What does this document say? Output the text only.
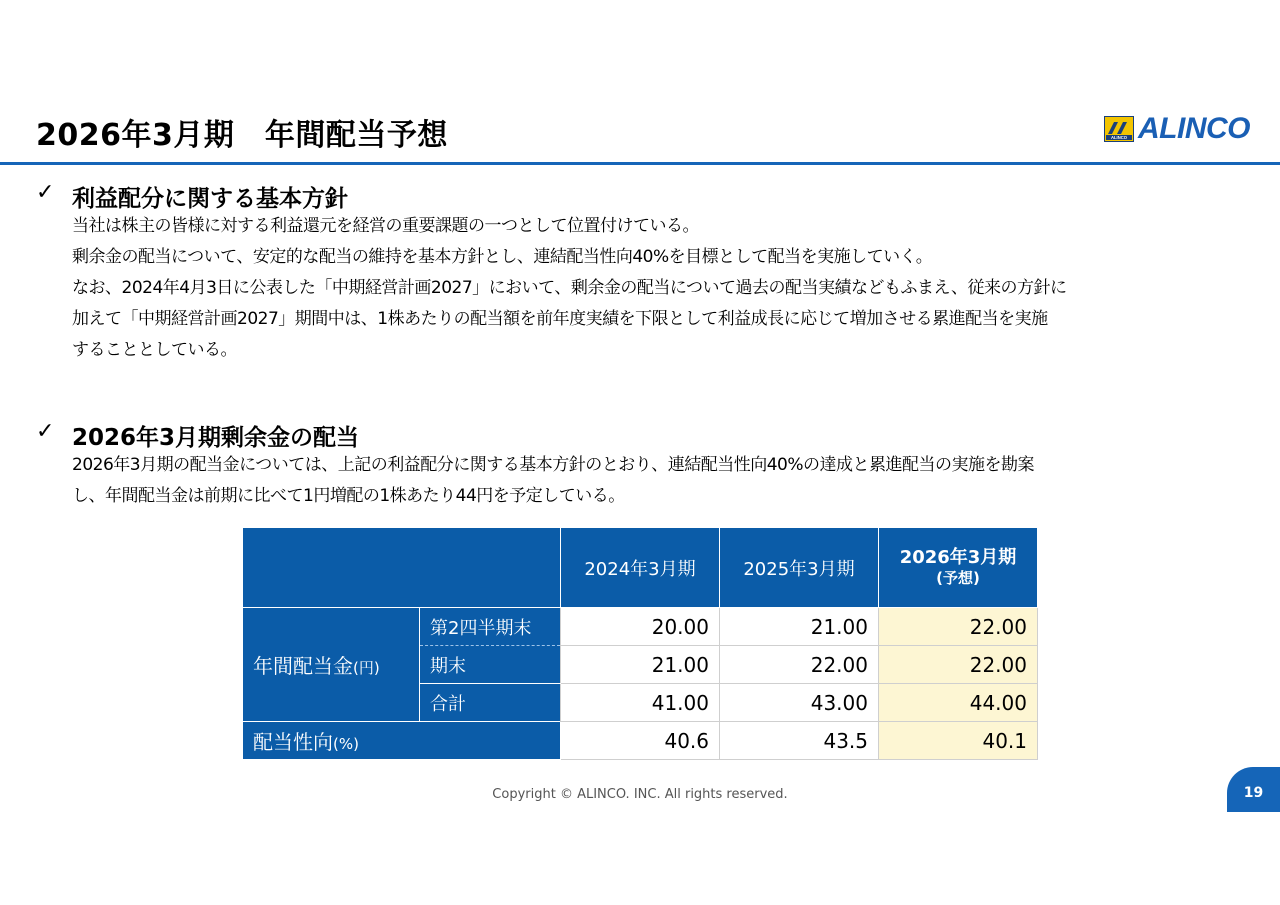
2026年3月期　年間配当予想	ALINCO ALINCO
✓ 利益配分に関する基本方針
当社は株主の皆様に対する利益還元を経営の重要課題の一つとして位置付けている。
剰余金の配当について、安定的な配当の維持を基本方針とし、連結配当性向40%を目標として配当を実施していく。
なお、2024年4月3日に公表した「中期経営計画2027」において、剰余金の配当について過去の配当実績などもふまえ、従来の方針に
加えて「中期経営計画2027」期間中は、1株あたりの配当額を前年度実績を下限として利益成長に応じて増加させる累進配当を実施
することとしている。
✓ 2026年3月期剰余金の配当
2026年3月期の配当金については、上記の利益配分に関する基本方針のとおり、連結配当性向40%の達成と累進配当の実施を勘案
し、年間配当金は前期に比べて1円増配の1株あたり44円を予定している。
		2024年3月期	2025年3月期	2026年3月期
(予想)

年間配当金(円)	第2四半期末	20.00	21.00	22.00
	期末	21.00	22.00	22.00
	合計	41.00	43.00	44.00
配当性向(%)		40.6	43.5	40.1
Copyright © ALINCO. INC. All rights reserved.	19
